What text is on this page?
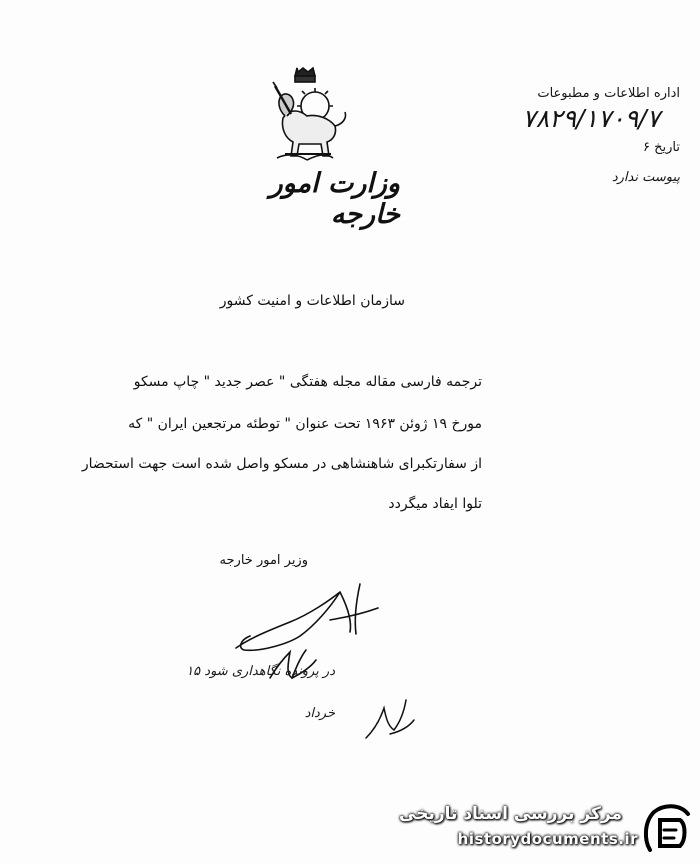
وزارت امور خارجه
اداره اطلاعات و مطبوعات
۷۸۲۹/۱۷۰۹/۷
تاریخ ۶
پیوست ندارد
سازمان اطلاعات و امنیت کشور
ترجمه فارسی مقاله مجله هفتگی " عصر جدید " چاپ مسکو
مورخ ۱۹ ژوئن ۱۹۶۳ تحت عنوان " توطئه مرتجعین ایران " که
از سفارتکبرای شاهنشاهی در مسکو واصل شده است جهت استحضار
تلوا ایفاد میگردد
وزیر امور خارجه
در پرونده نگاهداری شود ۱۵
خرداد
مرکز بررسی اسناد تاریخی
historydocuments.ir
